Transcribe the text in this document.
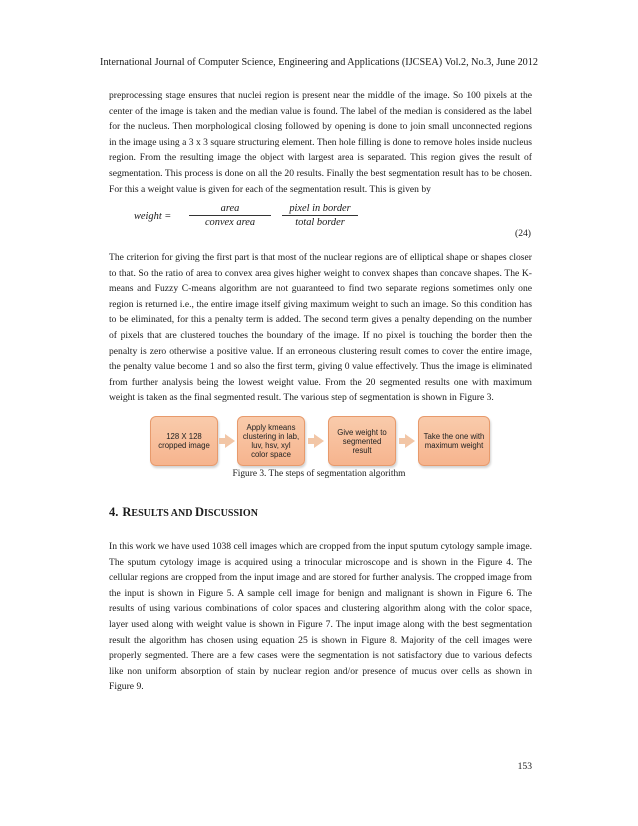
International Journal of Computer Science, Engineering and Applications (IJCSEA) Vol.2, No.3, June 2012

preprocessing stage ensures that nuclei region is present near the middle of the image. So 100 pixels at the center of the image is taken and the median value is found. The label of the median is considered as the label for the nucleus. Then morphological closing followed by opening is done to join small unconnected regions in the image using a 3 x 3 square structuring element. Then hole filling is done to remove holes inside nucleus region. From the resulting image the object with largest area is separated. This region gives the result of segmentation. This process is done on all the 20 results. Finally the best segmentation result has to be chosen. For this a weight value is given for each of the segmentation result. This is given by

weight =
area
convex area
pixel in border
total border
(24)

The criterion for giving the first part is that most of the nuclear regions are of elliptical shape or shapes closer to that. So the ratio of area to convex area gives higher weight to convex shapes than concave shapes. The K-means and Fuzzy C-means algorithm are not guaranteed to find two separate regions sometimes only one region is returned i.e., the entire image itself giving maximum weight to such an image. So this condition has to be eliminated, for this a penalty term is added. The second term gives a penalty depending on the number of pixels that are clustered touches the boundary of the image. If no pixel is touching the border then the penalty is zero otherwise a positive value. If an erroneous clustering result comes to cover the entire image, the penalty value become 1 and so also the first term, giving 0 value effectively. Thus the image is eliminated from further analysis being the lowest weight value. From the 20 segmented results one with maximum weight is taken as the final segmented result. The various step of segmentation is shown in Figure 3.

128 X 128 cropped image
Apply kmeans clustering in lab, luv, hsv, xyl color space
Give weight to segmented result
Take the one with maximum weight
Figure 3. The steps of segmentation algorithm
4. RESULTS AND DISCUSSION

In this work we have used 1038 cell images which are cropped from the input sputum cytology sample image. The sputum cytology image is acquired using a trinocular microscope and is shown in the Figure 4. The cellular regions are cropped from the input image and are stored for further analysis. The cropped image from the input is shown in Figure 5. A sample cell image for benign and malignant is shown in Figure 6. The results of using various combinations of color spaces and clustering algorithm along with the color space, layer used along with weight value is shown in Figure 7. The input image along with the best segmentation result the algorithm has chosen using equation 25 is shown in Figure 8. Majority of the cell images were properly segmented. There are a few cases were the segmentation is not satisfactory due to various defects like non uniform absorption of stain by nuclear region and/or presence of mucus over cells as shown in Figure 9.

153
